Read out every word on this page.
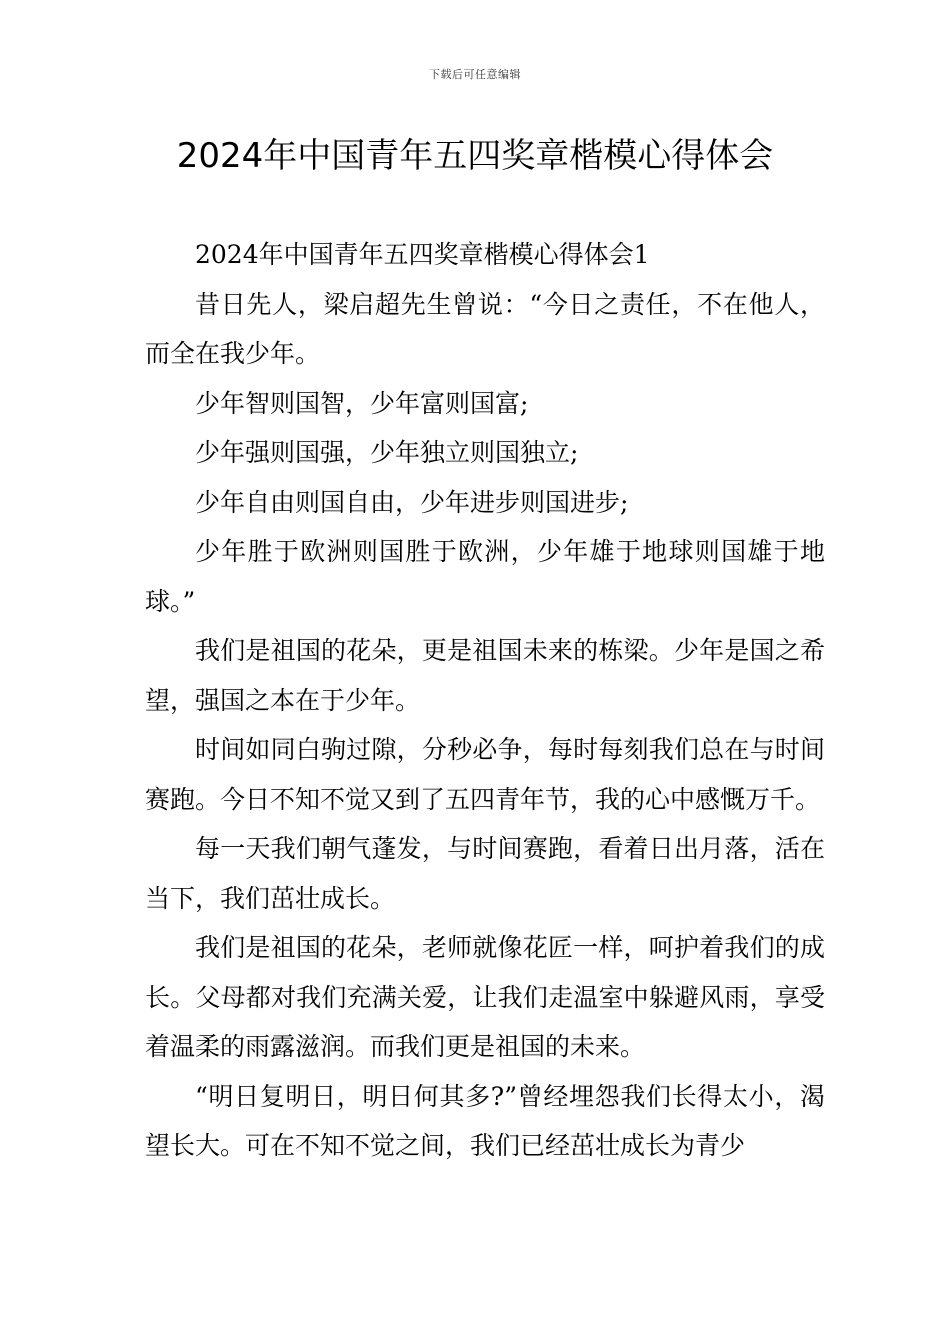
下载后可任意编辑
2024年中国青年五四奖章楷模心得体会

2024年中国青年五四奖章楷模心得体会1

昔日先人，梁启超先生曾说：“今日之责任，不在他人，而全在我少年。

少年智则国智，少年富则国富;

少年强则国强，少年独立则国独立;

少年自由则国自由，少年进步则国进步;

少年胜于欧洲则国胜于欧洲，少年雄于地球则国雄于地球。”

我们是祖国的花朵，更是祖国未来的栋梁。少年是国之希望，强国之本在于少年。

时间如同白驹过隙，分秒必争，每时每刻我们总在与时间赛跑。今日不知不觉又到了五四青年节，我的心中感慨万千。

每一天我们朝气蓬发，与时间赛跑，看着日出月落，活在当下，我们茁壮成长。

我们是祖国的花朵，老师就像花匠一样，呵护着我们的成长。父母都对我们充满关爱，让我们走温室中躲避风雨，享受着温柔的雨露滋润。而我们更是祖国的未来。

“明日复明日，明日何其多?”曾经埋怨我们长得太小，渴望长大。可在不知不觉之间，我们已经茁壮成长为青少
